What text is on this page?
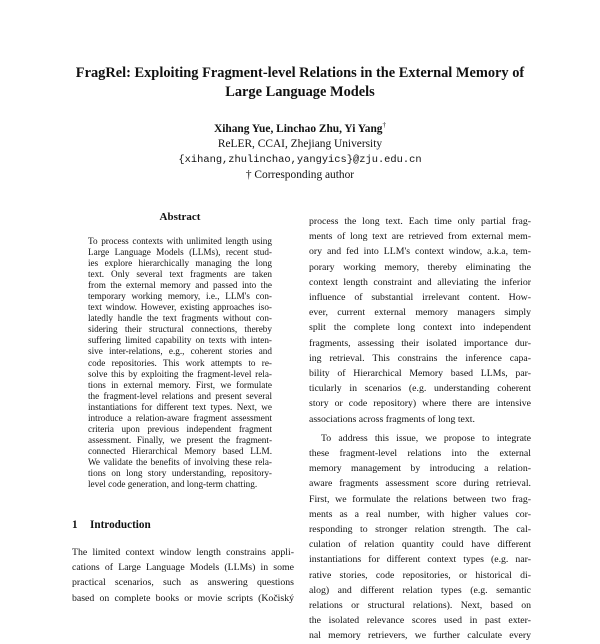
FragRel: Exploiting Fragment-level Relations in the External Memory of
Large Language Models
Xihang Yue, Linchao Zhu, Yi Yang†
ReLER, CCAI, Zhejiang University
{xihang,zhulinchao,yangyics}@zju.edu.cn
† Corresponding author
Abstract
To process contexts with unlimited length using
Large Language Models (LLMs), recent stud-
ies explore hierarchically managing the long
text. Only several text fragments are taken
from the external memory and passed into the
temporary working memory, i.e., LLM's con-
text window. However, existing approaches iso-
latedly handle the text fragments without con-
sidering their structural connections, thereby
suffering limited capability on texts with inten-
sive inter-relations, e.g., coherent stories and
code repositories. This work attempts to re-
solve this by exploiting the fragment-level rela-
tions in external memory. First, we formulate
the fragment-level relations and present several
instantiations for different text types. Next, we
introduce a relation-aware fragment assessment
criteria upon previous independent fragment
assessment. Finally, we present the fragment-
connected Hierarchical Memory based LLM.
We validate the benefits of involving these rela-
tions on long story understanding, repository-
level code generation, and long-term chatting.
1 Introduction
The limited context window length constrains appli-
cations of Large Language Models (LLMs) in some
practical scenarios, such as answering questions
based on complete books or movie scripts (Kočiský
process the long text. Each time only partial frag-
ments of long text are retrieved from external mem-
ory and fed into LLM's context window, a.k.a, tem-
porary working memory, thereby eliminating the
context length constraint and alleviating the inferior
influence of substantial irrelevant content. How-
ever, current external memory managers simply
split the complete long context into independent
fragments, assessing their isolated importance dur-
ing retrieval. This constrains the inference capa-
bility of Hierarchical Memory based LLMs, par-
ticularly in scenarios (e.g. understanding coherent
story or code repository) where there are intensive
associations across fragments of long text.
To address this issue, we propose to integrate
these fragment-level relations into the external
memory management by introducing a relation-
aware fragments assessment score during retrieval.
First, we formulate the relations between two frag-
ments as a real number, with higher values cor-
responding to stronger relation strength. The cal-
culation of relation quantity could have different
instantiations for different context types (e.g. nar-
rative stories, code repositories, or historical di-
alog) and different relation types (e.g. semantic
relations or structural relations). Next, based on
the isolated relevance scores used in past exter-
nal memory retrievers, we further calculate every
